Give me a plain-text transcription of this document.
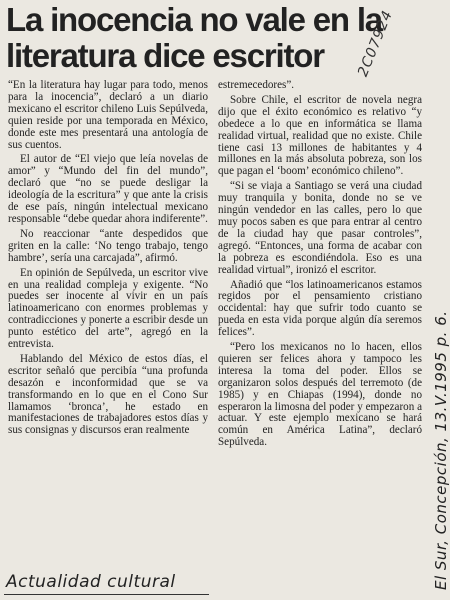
La inocencia no vale en la literatura dice escritor

“En la literatura hay lugar para todo, menos para la inocencia”, declaró a un diario mexicano el escritor chileno Luis Sepúlveda, quien reside por una temporada en México, donde este mes presentará una antología de sus cuentos.

El autor de “El viejo que leía novelas de amor” y “Mundo del fin del mundo”, declaró que “no se puede desligar la ideología de la escritura” y que ante la crisis de ese país, ningún intelectual mexicano responsable “debe quedar ahora indiferente”.

No reaccionar “ante despedidos que griten en la calle: ‘No tengo trabajo, tengo hambre’, sería una carcajada”, afirmó.

En opinión de Sepúlveda, un escritor vive en una realidad compleja y exigente. “No puedes ser inocente al vivir en un país latinoamericano con enormes problemas y contradicciones y ponerte a escribir desde un punto estético del arte”, agregó en la entrevista.

Hablando del México de estos días, el escritor señaló que percibía “una profunda desazón e inconformidad que se va transformando en lo que en el Cono Sur llamamos ‘bronca’, he estado en manifestaciones de trabajadores estos días y sus consignas y discursos eran realmente

estremecedores”.

Sobre Chile, el escritor de novela negra dijo que el éxito económico es relativo “y obedece a lo que en informática se llama realidad virtual, realidad que no existe. Chile tiene casi 13 millones de habitantes y 4 millones en la más absoluta pobreza, son los que pagan el ‘boom’ económico chileno”.

“Si se viaja a Santiago se verá una ciudad muy tranquila y bonita, donde no se ve ningún vendedor en las calles, pero lo que muy pocos saben es que para entrar al centro de la ciudad hay que pasar controles”, agregó. “Entonces, una forma de acabar con la pobreza es escondiéndola. Eso es una realidad virtual”, ironizó el escritor.

Añadió que “los latinoamericanos estamos regidos por el pensamiento cristiano occidental: hay que sufrir todo cuanto se pueda en esta vida porque algún día seremos felices”.

“Pero los mexicanos no lo hacen, ellos quieren ser felices ahora y tampoco les interesa la toma del poder. Ellos se organizaron solos después del terremoto (de 1985) y en Chiapas (1994), donde no esperaron la limosna del poder y empezaron a actuar. Y este ejemplo mexicano se hará común en América Latina”, declaró Sepúlveda.

2C07924
El Sur, Concepción, 13.V.1995 p. 6.
Actualidad cultural
